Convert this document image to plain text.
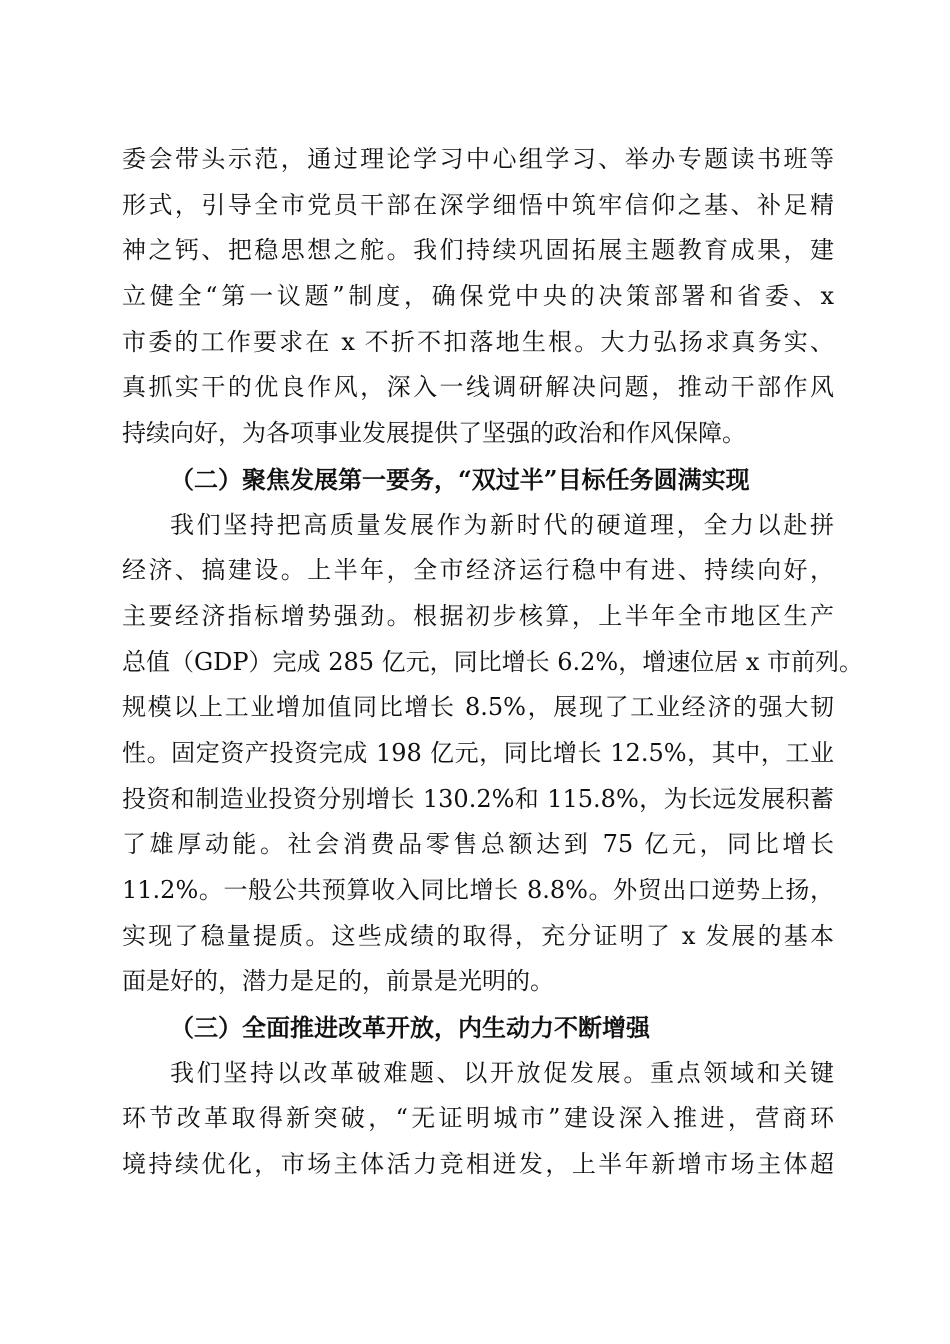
委会带头示范，通过理论学习中心组学习、举办专题读书班等
形式，引导全市党员干部在深学细悟中筑牢信仰之基、补足精
神之钙、把稳思想之舵。我们持续巩固拓展主题教育成果，建
立健全“第一议题”制度，确保党中央的决策部署和省委、x
市委的工作要求在 x 不折不扣落地生根。大力弘扬求真务实、
真抓实干的优良作风，深入一线调研解决问题，推动干部作风
持续向好，为各项事业发展提供了坚强的政治和作风保障。
（二）聚焦发展第一要务，“双过半”目标任务圆满实现
我们坚持把高质量发展作为新时代的硬道理，全力以赴拼
经济、搞建设。上半年，全市经济运行稳中有进、持续向好，
主要经济指标增势强劲。根据初步核算，上半年全市地区生产
总值（GDP）完成 285 亿元，同比增长 6.2%，增速位居 x 市前列。
规模以上工业增加值同比增长 8.5%，展现了工业经济的强大韧
性。固定资产投资完成 198 亿元，同比增长 12.5%，其中，工业
投资和制造业投资分别增长 130.2%和 115.8%，为长远发展积蓄
了雄厚动能。社会消费品零售总额达到 75 亿元，同比增长
11.2%。一般公共预算收入同比增长 8.8%。外贸出口逆势上扬，
实现了稳量提质。这些成绩的取得，充分证明了 x 发展的基本
面是好的，潜力是足的，前景是光明的。
（三）全面推进改革开放，内生动力不断增强
我们坚持以改革破难题、以开放促发展。重点领域和关键
环节改革取得新突破，“无证明城市”建设深入推进，营商环
境持续优化，市场主体活力竞相迸发，上半年新增市场主体超
